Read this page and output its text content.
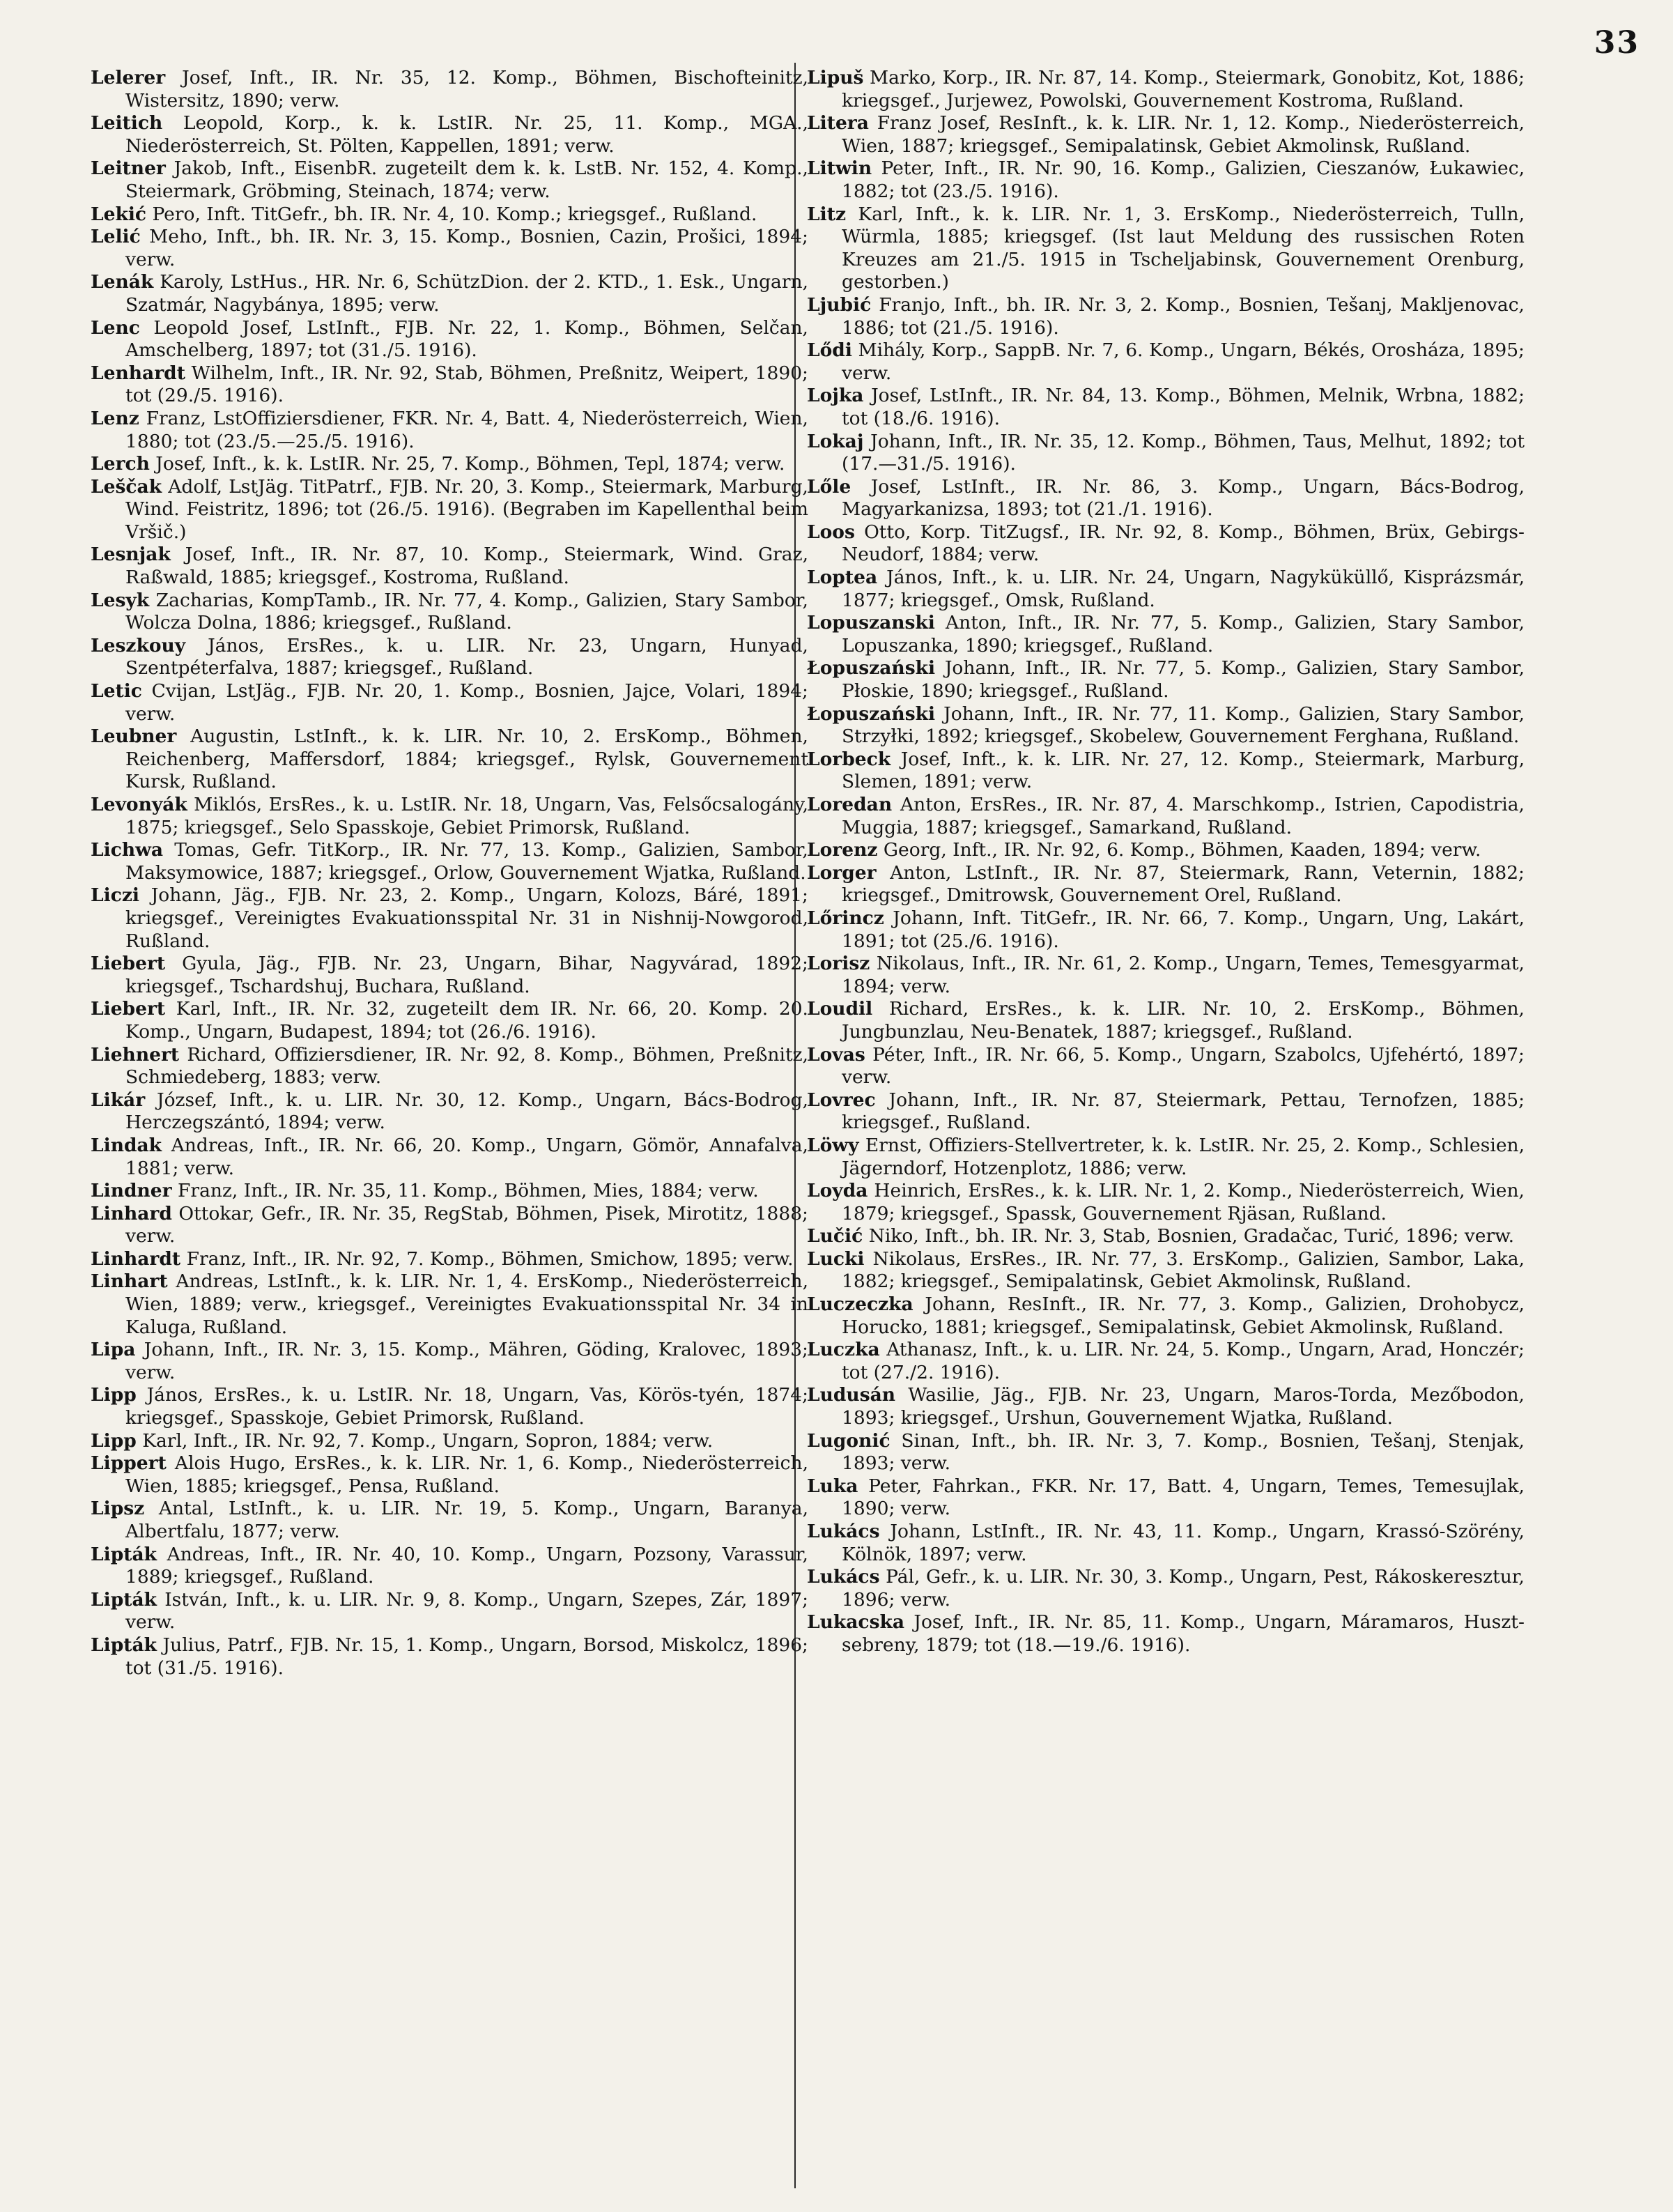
33

Lelerer Josef, Inft., IR. Nr. 35, 12. Komp., Böhmen, Bischofteinitz, Wistersitz, 1890; verw.

Leitich Leopold, Korp., k. k. LstIR. Nr. 25, 11. Komp., MGA., Niederösterreich, St. Pölten, Kappellen, 1891; verw.

Leitner Jakob, Inft., EisenbR. zugeteilt dem k. k. LstB. Nr. 152, 4. Komp., Steiermark, Gröbming, Steinach, 1874; verw.

Lekić Pero, Inft. TitGefr., bh. IR. Nr. 4, 10. Komp.; kriegsgef., Rußland.

Lelić Meho, Inft., bh. IR. Nr. 3, 15. Komp., Bosnien, Cazin, Prošici, 1894; verw.

Lenák Karoly, LstHus., HR. Nr. 6, SchützDion. der 2. KTD., 1. Esk., Ungarn, Szatmár, Nagybánya, 1895; verw.

Lenc Leopold Josef, LstInft., FJB. Nr. 22, 1. Komp., Böhmen, Selčan, Amschelberg, 1897; tot (31./5. 1916).

Lenhardt Wilhelm, Inft., IR. Nr. 92, Stab, Böhmen, Preßnitz, Weipert, 1890; tot (29./5. 1916).

Lenz Franz, LstOffiziersdiener, FKR. Nr. 4, Batt. 4, Niederösterreich, Wien, 1880; tot (23./5.—25./5. 1916).

Lerch Josef, Inft., k. k. LstIR. Nr. 25, 7. Komp., Böhmen, Tepl, 1874; verw.

Leščak Adolf, LstJäg. TitPatrf., FJB. Nr. 20, 3. Komp., Steiermark, Marburg, Wind. Feistritz, 1896; tot (26./5. 1916). (Begraben im Kapellenthal beim Vršič.)

Lesnjak Josef, Inft., IR. Nr. 87, 10. Komp., Steiermark, Wind. Graz, Raßwald, 1885; kriegsgef., Kostroma, Rußland.

Lesyk Zacharias, KompTamb., IR. Nr. 77, 4. Komp., Galizien, Stary Sambor, Wolcza Dolna, 1886; kriegsgef., Rußland.

Leszkouy János, ErsRes., k. u. LIR. Nr. 23, Ungarn, Hunyad, Szentpéterfalva, 1887; kriegsgef., Rußland.

Letic Cvijan, LstJäg., FJB. Nr. 20, 1. Komp., Bosnien, Jajce, Volari, 1894; verw.

Leubner Augustin, LstInft., k. k. LIR. Nr. 10, 2. ErsKomp., Böhmen, Reichenberg, Maffersdorf, 1884; kriegsgef., Rylsk, Gouvernement Kursk, Rußland.

Levonyák Miklós, ErsRes., k. u. LstIR. Nr. 18, Ungarn, Vas, Felsőcsalogány, 1875; kriegsgef., Selo Spasskoje, Gebiet Primorsk, Rußland.

Lichwa Tomas, Gefr. TitKorp., IR. Nr. 77, 13. Komp., Galizien, Sambor, Maksymowice, 1887; kriegsgef., Orlow, Gouvernement Wjatka, Rußland.

Liczi Johann, Jäg., FJB. Nr. 23, 2. Komp., Ungarn, Kolozs, Báré, 1891; kriegsgef., Vereinigtes Evakuationsspital Nr. 31 in Nishnij-Nowgorod, Rußland.

Liebert Gyula, Jäg., FJB. Nr. 23, Ungarn, Bihar, Nagyvárad, 1892; kriegsgef., Tschardshuj, Buchara, Rußland.

Liebert Karl, Inft., IR. Nr. 32, zugeteilt dem IR. Nr. 66, 20. Komp. 20. Komp., Ungarn, Budapest, 1894; tot (26./6. 1916).

Liehnert Richard, Offiziersdiener, IR. Nr. 92, 8. Komp., Böhmen, Preßnitz, Schmiedeberg, 1883; verw.

Likár József, Inft., k. u. LIR. Nr. 30, 12. Komp., Ungarn, Bács-Bodrog, Herczegszántó, 1894; verw.

Lindak Andreas, Inft., IR. Nr. 66, 20. Komp., Ungarn, Gömör, Annafalva, 1881; verw.

Lindner Franz, Inft., IR. Nr. 35, 11. Komp., Böhmen, Mies, 1884; verw.

Linhard Ottokar, Gefr., IR. Nr. 35, RegStab, Böhmen, Pisek, Mirotitz, 1888; verw.

Linhardt Franz, Inft., IR. Nr. 92, 7. Komp., Böhmen, Smichow, 1895; verw.

Linhart Andreas, LstInft., k. k. LIR. Nr. 1, 4. ErsKomp., Niederösterreich, Wien, 1889; verw., kriegsgef., Vereinigtes Evakuationsspital Nr. 34 in Kaluga, Rußland.

Lipa Johann, Inft., IR. Nr. 3, 15. Komp., Mähren, Göding, Kralovec, 1893; verw.

Lipp János, ErsRes., k. u. LstIR. Nr. 18, Ungarn, Vas, Körös-tyén, 1874; kriegsgef., Spasskoje, Gebiet Primorsk, Rußland.

Lipp Karl, Inft., IR. Nr. 92, 7. Komp., Ungarn, Sopron, 1884; verw.

Lippert Alois Hugo, ErsRes., k. k. LIR. Nr. 1, 6. Komp., Niederösterreich, Wien, 1885; kriegsgef., Pensa, Rußland.

Lipsz Antal, LstInft., k. u. LIR. Nr. 19, 5. Komp., Ungarn, Baranya, Albertfalu, 1877; verw.

Lipták Andreas, Inft., IR. Nr. 40, 10. Komp., Ungarn, Pozsony, Varassur, 1889; kriegsgef., Rußland.

Lipták István, Inft., k. u. LIR. Nr. 9, 8. Komp., Ungarn, Szepes, Zár, 1897; verw.

Lipták Julius, Patrf., FJB. Nr. 15, 1. Komp., Ungarn, Borsod, Miskolcz, 1896; tot (31./5. 1916).

Lipuš Marko, Korp., IR. Nr. 87, 14. Komp., Steiermark, Gonobitz, Kot, 1886; kriegsgef., Jurjewez, Powolski, Gouvernement Kostroma, Rußland.

Litera Franz Josef, ResInft., k. k. LIR. Nr. 1, 12. Komp., Niederösterreich, Wien, 1887; kriegsgef., Semipalatinsk, Gebiet Akmolinsk, Rußland.

Litwin Peter, Inft., IR. Nr. 90, 16. Komp., Galizien, Cieszanów, Łukawiec, 1882; tot (23./5. 1916).

Litz Karl, Inft., k. k. LIR. Nr. 1, 3. ErsKomp., Niederösterreich, Tulln, Würmla, 1885; kriegsgef. (Ist laut Meldung des russischen Roten Kreuzes am 21./5. 1915 in Tscheljabinsk, Gouvernement Orenburg, gestorben.)

Ljubić Franjo, Inft., bh. IR. Nr. 3, 2. Komp., Bosnien, Tešanj, Makljenovac, 1886; tot (21./5. 1916).

Lődi Mihály, Korp., SappB. Nr. 7, 6. Komp., Ungarn, Békés, Orosháza, 1895; verw.

Lojka Josef, LstInft., IR. Nr. 84, 13. Komp., Böhmen, Melnik, Wrbna, 1882; tot (18./6. 1916).

Lokaj Johann, Inft., IR. Nr. 35, 12. Komp., Böhmen, Taus, Melhut, 1892; tot (17.—31./5. 1916).

Lőle Josef, LstInft., IR. Nr. 86, 3. Komp., Ungarn, Bács-Bodrog, Magyarkanizsa, 1893; tot (21./1. 1916).

Loos Otto, Korp. TitZugsf., IR. Nr. 92, 8. Komp., Böhmen, Brüx, Gebirgs-Neudorf, 1884; verw.

Loptea János, Inft., k. u. LIR. Nr. 24, Ungarn, Nagyküküllő, Kisprázsmár, 1877; kriegsgef., Omsk, Rußland.

Lopuszanski Anton, Inft., IR. Nr. 77, 5. Komp., Galizien, Stary Sambor, Lopuszanka, 1890; kriegsgef., Rußland.

Łopuszański Johann, Inft., IR. Nr. 77, 5. Komp., Galizien, Stary Sambor, Płoskie, 1890; kriegsgef., Rußland.

Łopuszański Johann, Inft., IR. Nr. 77, 11. Komp., Galizien, Stary Sambor, Strzyłki, 1892; kriegsgef., Skobelew, Gouvernement Ferghana, Rußland.

Lorbeck Josef, Inft., k. k. LIR. Nr. 27, 12. Komp., Steiermark, Marburg, Slemen, 1891; verw.

Loredan Anton, ErsRes., IR. Nr. 87, 4. Marschkomp., Istrien, Capodistria, Muggia, 1887; kriegsgef., Samarkand, Rußland.

Lorenz Georg, Inft., IR. Nr. 92, 6. Komp., Böhmen, Kaaden, 1894; verw.

Lorger Anton, LstInft., IR. Nr. 87, Steiermark, Rann, Veternin, 1882; kriegsgef., Dmitrowsk, Gouvernement Orel, Rußland.

Lőrincz Johann, Inft. TitGefr., IR. Nr. 66, 7. Komp., Ungarn, Ung, Lakárt, 1891; tot (25./6. 1916).

Lorisz Nikolaus, Inft., IR. Nr. 61, 2. Komp., Ungarn, Temes, Temesgyarmat, 1894; verw.

Loudil Richard, ErsRes., k. k. LIR. Nr. 10, 2. ErsKomp., Böhmen, Jungbunzlau, Neu-Benatek, 1887; kriegsgef., Rußland.

Lovas Péter, Inft., IR. Nr. 66, 5. Komp., Ungarn, Szabolcs, Ujfehértó, 1897; verw.

Lovrec Johann, Inft., IR. Nr. 87, Steiermark, Pettau, Ternofzen, 1885; kriegsgef., Rußland.

Löwy Ernst, Offiziers-Stellvertreter, k. k. LstIR. Nr. 25, 2. Komp., Schlesien, Jägerndorf, Hotzenplotz, 1886; verw.

Loyda Heinrich, ErsRes., k. k. LIR. Nr. 1, 2. Komp., Niederösterreich, Wien, 1879; kriegsgef., Spassk, Gouvernement Rjäsan, Rußland.

Lučić Niko, Inft., bh. IR. Nr. 3, Stab, Bosnien, Gradačac, Turić, 1896; verw.

Lucki Nikolaus, ErsRes., IR. Nr. 77, 3. ErsKomp., Galizien, Sambor, Laka, 1882; kriegsgef., Semipalatinsk, Gebiet Akmolinsk, Rußland.

Luczeczka Johann, ResInft., IR. Nr. 77, 3. Komp., Galizien, Drohobycz, Horucko, 1881; kriegsgef., Semipalatinsk, Gebiet Akmolinsk, Rußland.

Luczka Athanasz, Inft., k. u. LIR. Nr. 24, 5. Komp., Ungarn, Arad, Honczér; tot (27./2. 1916).

Ludusán Wasilie, Jäg., FJB. Nr. 23, Ungarn, Maros-Torda, Mezőbodon, 1893; kriegsgef., Urshun, Gouvernement Wjatka, Rußland.

Lugonić Sinan, Inft., bh. IR. Nr. 3, 7. Komp., Bosnien, Tešanj, Stenjak, 1893; verw.

Luka Peter, Fahrkan., FKR. Nr. 17, Batt. 4, Ungarn, Temes, Temesujlak, 1890; verw.

Lukács Johann, LstInft., IR. Nr. 43, 11. Komp., Ungarn, Krassó-Szörény, Kölnök, 1897; verw.

Lukács Pál, Gefr., k. u. LIR. Nr. 30, 3. Komp., Ungarn, Pest, Rákoskeresztur, 1896; verw.

Lukacska Josef, Inft., IR. Nr. 85, 11. Komp., Ungarn, Máramaros, Husztsebreny, 1879; tot (18.—19./6. 1916).
